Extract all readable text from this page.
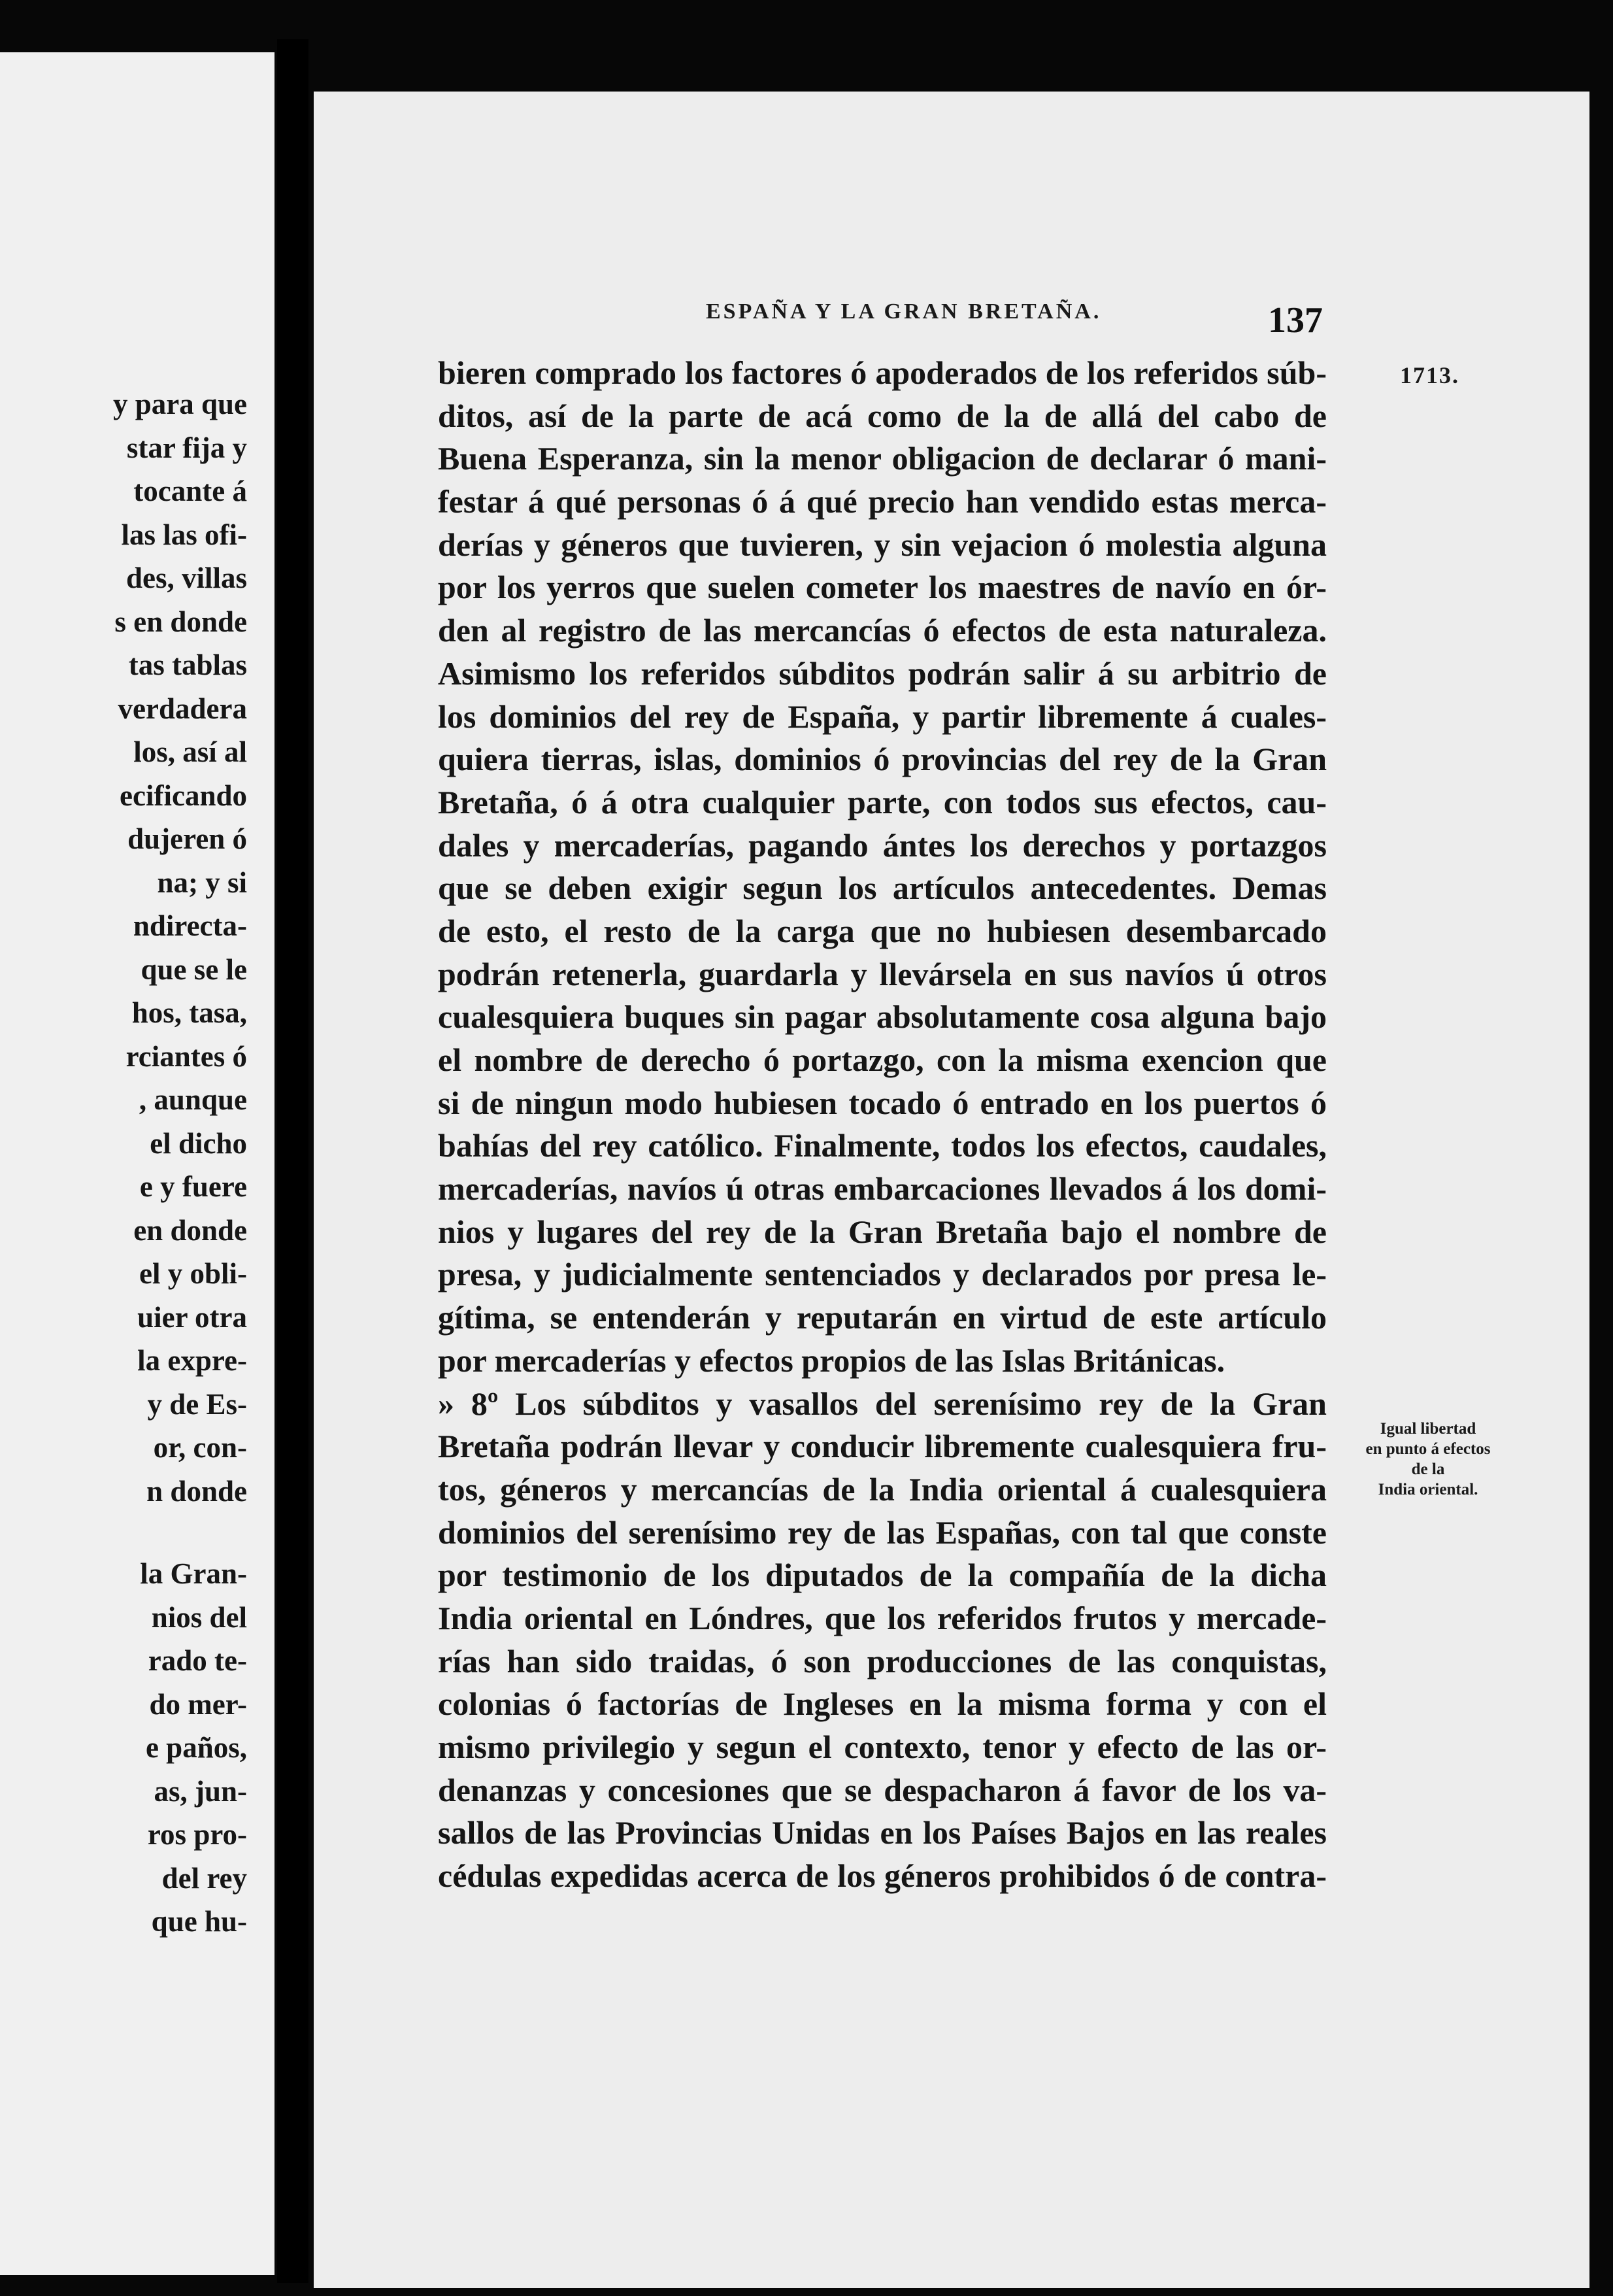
y para que
star fija y
tocante á
las las ofi-
des, villas
s en donde
tas tablas
verdadera
los, así al
ecificando
dujeren ó
na; y si
ndirecta-
que se le
hos, tasa,
rciantes ó
, aunque
el dicho
e y fuere
en donde
el y obli-
uier otra
la expre-
y de Es-
or, con-
n donde
la Gran-
nios del
rado te-
do mer-
e paños,
as, jun-
ros pro-
del rey
que hu-
ESPAÑA Y LA GRAN BRETAÑA.	137
1713.
Igual libertad
en punto á efectos
de la
India oriental.
bieren comprado los factores ó apoderados de los referidos súb-
ditos, así de la parte de acá como de la de allá del cabo de
Buena Esperanza, sin la menor obligacion de declarar ó mani-
festar á qué personas ó á qué precio han vendido estas merca-
derías y géneros que tuvieren, y sin vejacion ó molestia alguna
por los yerros que suelen cometer los maestres de navío en ór-
den al registro de las mercancías ó efectos de esta naturaleza.
Asimismo los referidos súbditos podrán salir á su arbitrio de
los dominios del rey de España, y partir libremente á cuales-
quiera tierras, islas, dominios ó provincias del rey de la Gran
Bretaña, ó á otra cualquier parte, con todos sus efectos, cau-
dales y mercaderías, pagando ántes los derechos y portazgos
que se deben exigir segun los artículos antecedentes. Demas
de esto, el resto de la carga que no hubiesen desembarcado
podrán retenerla, guardarla y llevársela en sus navíos ú otros
cualesquiera buques sin pagar absolutamente cosa alguna bajo
el nombre de derecho ó portazgo, con la misma exencion que
si de ningun modo hubiesen tocado ó entrado en los puertos ó
bahías del rey católico. Finalmente, todos los efectos, caudales,
mercaderías, navíos ú otras embarcaciones llevados á los domi-
nios y lugares del rey de la Gran Bretaña bajo el nombre de
presa, y judicialmente sentenciados y declarados por presa le-
gítima, se entenderán y reputarán en virtud de este artículo
por mercaderías y efectos propios de las Islas Británicas.
» 8º Los súbditos y vasallos del serenísimo rey de la Gran
Bretaña podrán llevar y conducir libremente cualesquiera fru-
tos, géneros y mercancías de la India oriental á cualesquiera
dominios del serenísimo rey de las Españas, con tal que conste
por testimonio de los diputados de la compañía de la dicha
India oriental en Lóndres, que los referidos frutos y mercade-
rías han sido traidas, ó son producciones de las conquistas,
colonias ó factorías de Ingleses en la misma forma y con el
mismo privilegio y segun el contexto, tenor y efecto de las or-
denanzas y concesiones que se despacharon á favor de los va-
sallos de las Provincias Unidas en los Países Bajos en las reales
cédulas expedidas acerca de los géneros prohibidos ó de contra-
